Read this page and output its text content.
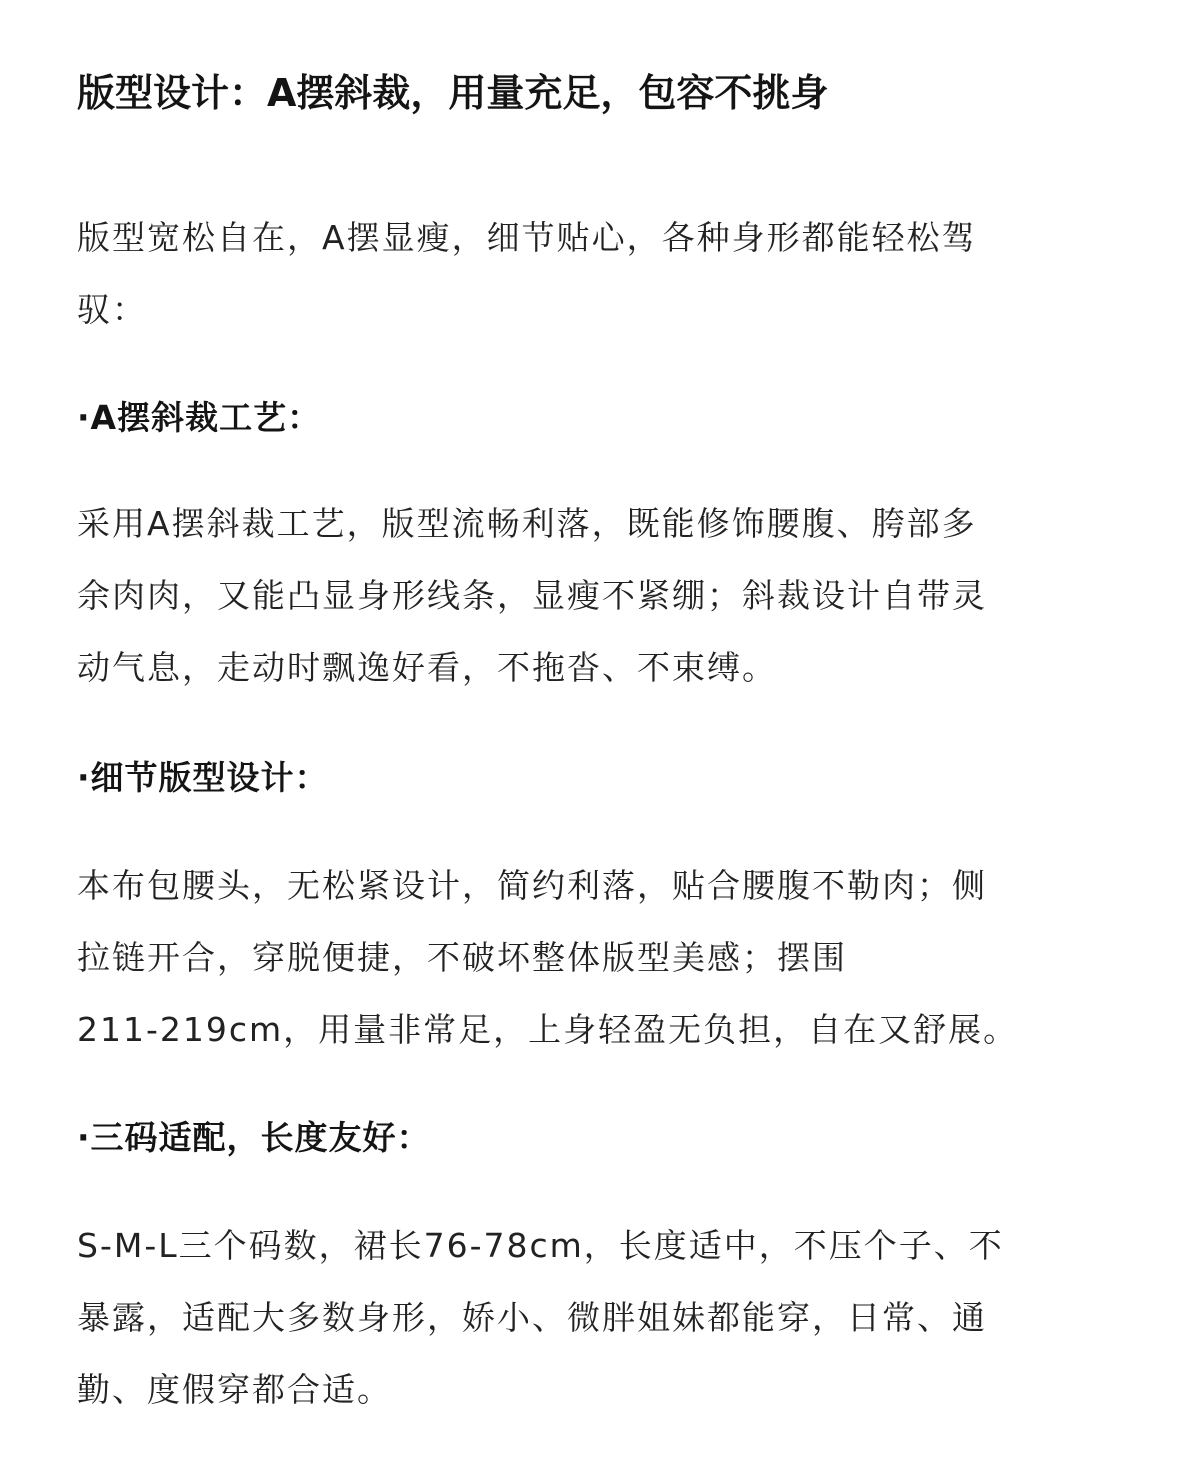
版型设计：A摆斜裁，用量充足，包容不挑身

版型宽松自在，A摆显瘦，细节贴心，各种身形都能轻松驾
驭：

·A摆斜裁工艺：

采用A摆斜裁工艺，版型流畅利落，既能修饰腰腹、胯部多
余肉肉，又能凸显身形线条，显瘦不紧绷；斜裁设计自带灵
动气息，走动时飘逸好看，不拖沓、不束缚。

·细节版型设计：

本布包腰头，无松紧设计，简约利落，贴合腰腹不勒肉；侧
拉链开合，穿脱便捷，不破坏整体版型美感；摆围
211-219cm，用量非常足，上身轻盈无负担，自在又舒展。

·三码适配，长度友好：

S-M-L三个码数，裙长76-78cm，长度适中，不压个子、不
暴露，适配大多数身形，娇小、微胖姐妹都能穿，日常、通
勤、度假穿都合适。
